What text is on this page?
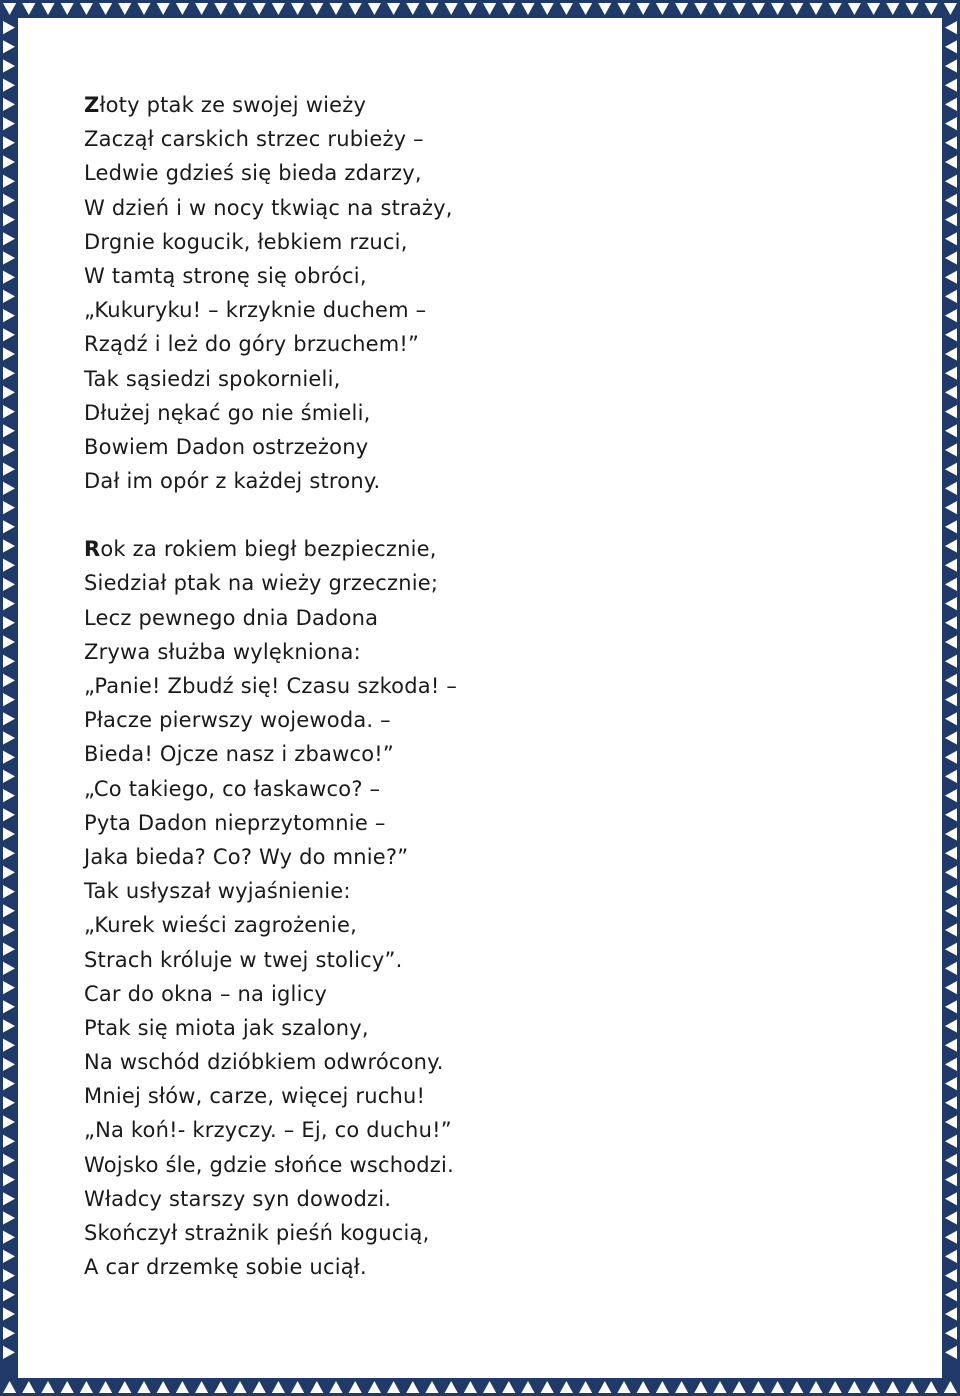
Złoty ptak ze swojej wieży
Zaczął carskich strzec rubieży –
Ledwie gdzieś się bieda zdarzy,
W dzień i w nocy tkwiąc na straży,
Drgnie kogucik, łebkiem rzuci,
W tamtą stronę się obróci,
„Kukuryku! – krzyknie duchem –
Rządź i leż do góry brzuchem!”
Tak sąsiedzi spokornieli,
Dłużej nękać go nie śmieli,
Bowiem Dadon ostrzeżony
Dał im opór z każdej strony.

Rok za rokiem biegł bezpiecznie,
Siedział ptak na wieży grzecznie;
Lecz pewnego dnia Dadona
Zrywa służba wylękniona:
„Panie! Zbudź się! Czasu szkoda! –
Płacze pierwszy wojewoda. –
Bieda! Ojcze nasz i zbawco!”
„Co takiego, co łaskawco? –
Pyta Dadon nieprzytomnie –
Jaka bieda? Co? Wy do mnie?”
Tak usłyszał wyjaśnienie:
„Kurek wieści zagrożenie,
Strach króluje w twej stolicy”.
Car do okna – na iglicy
Ptak się miota jak szalony,
Na wschód dzióbkiem odwrócony.
Mniej słów, carze, więcej ruchu!
„Na koń!- krzyczy. – Ej, co duchu!”
Wojsko śle, gdzie słońce wschodzi.
Władcy starszy syn dowodzi.
Skończył strażnik pieśń kogucią,
A car drzemkę sobie uciął.
